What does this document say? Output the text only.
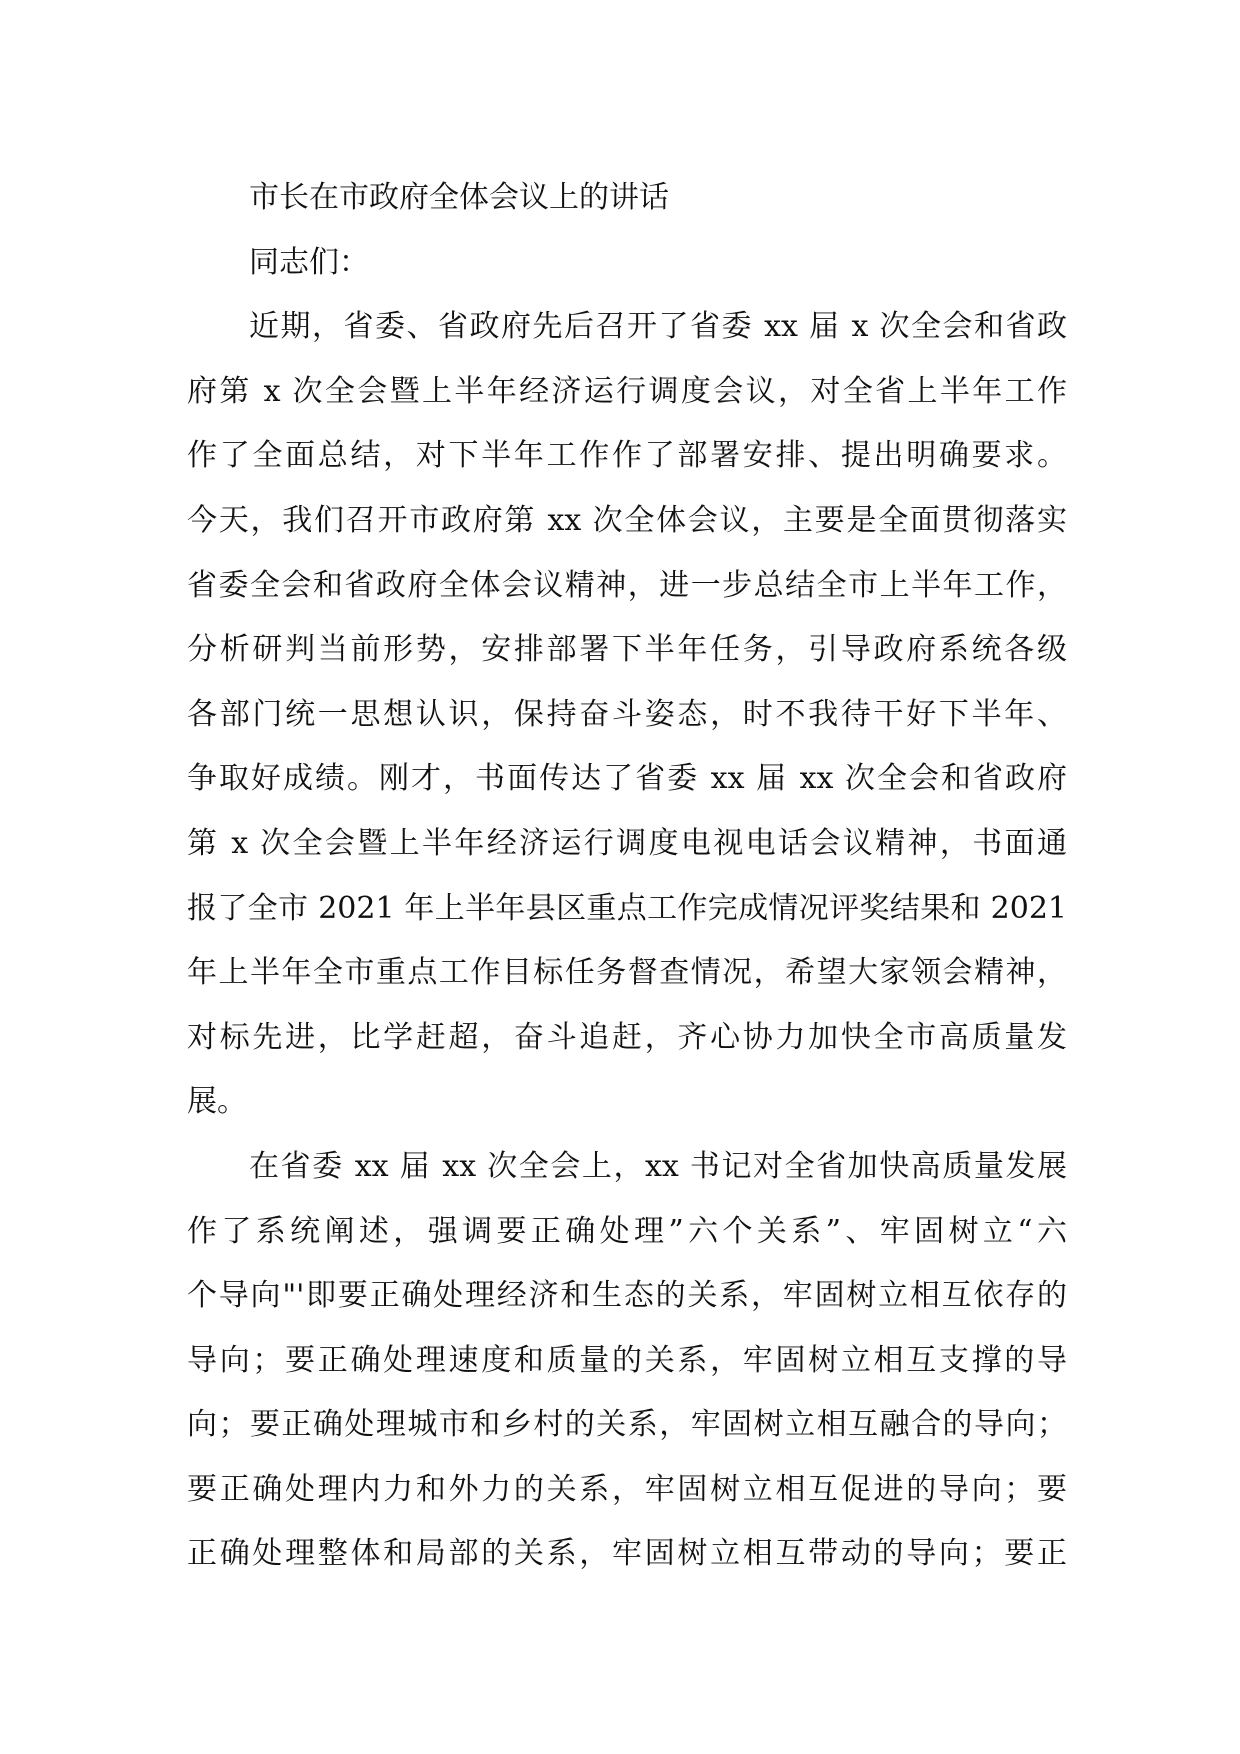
市长在市政府全体会议上的讲话
同志们：
近期，省委、省政府先后召开了省委 xx 届 x 次全会和省政
府第 x 次全会暨上半年经济运行调度会议，对全省上半年工作
作了全面总结，对下半年工作作了部署安排、提出明确要求。
今天，我们召开市政府第 xx 次全体会议，主要是全面贯彻落实
省委全会和省政府全体会议精神，进一步总结全市上半年工作，
分析研判当前形势，安排部署下半年任务，引导政府系统各级
各部门统一思想认识，保持奋斗姿态，时不我待干好下半年、
争取好成绩。刚才，书面传达了省委 xx 届 xx 次全会和省政府
第 x 次全会暨上半年经济运行调度电视电话会议精神，书面通
报了全市 2021 年上半年县区重点工作完成情况评奖结果和 2021
年上半年全市重点工作目标任务督查情况，希望大家领会精神，
对标先进，比学赶超，奋斗追赶，齐心协力加快全市高质量发
展。
在省委 xx 届 xx 次全会上，xx 书记对全省加快高质量发展
作了系统阐述，强调要正确处理”六个关系”、牢固树立“六
个导向"'即要正确处理经济和生态的关系，牢固树立相互依存的
导向；要正确处理速度和质量的关系，牢固树立相互支撑的导
向；要正确处理城市和乡村的关系，牢固树立相互融合的导向；
要正确处理内力和外力的关系，牢固树立相互促进的导向；要
正确处理整体和局部的关系，牢固树立相互带动的导向；要正
